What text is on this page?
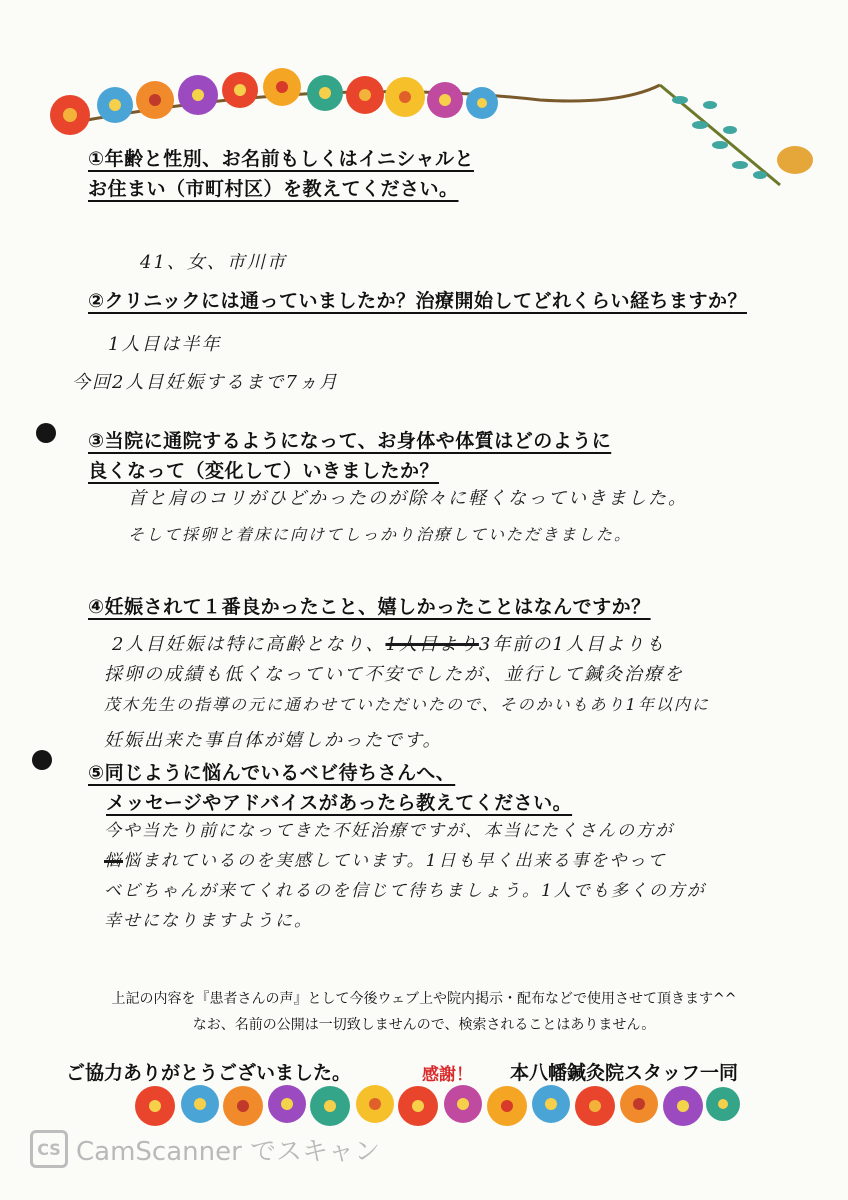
①年齢と性別、お名前もしくはイニシャルと
お住まい（市町村区）を教えてください。
41、女、市川市
②クリニックには通っていましたか？治療開始してどれくらい経ちますか？
1人目は半年
今回2人目妊娠するまで7ヵ月
③当院に通院するようになって、お身体や体質はどのように
良くなって（変化して）いきましたか？
首と肩のコリがひどかったのが除々に軽くなっていきました。
そして採卵と着床に向けてしっかり治療していただきました。
④妊娠されて１番良かったこと、嬉しかったことはなんですか？
2人目妊娠は特に高齢となり、1人目より3年前の1人目よりも
採卵の成績も低くなっていて不安でしたが、並行して鍼灸治療を
茂木先生の指導の元に通わせていただいたので、そのかいもあり1年以内に
妊娠出来た事自体が嬉しかったです。
⑤同じように悩んでいるベビ待ちさんへ、
メッセージやアドバイスがあったら教えてください。
今や当たり前になってきた不妊治療ですが、本当にたくさんの方が
悩悩まれているのを実感しています。1日も早く出来る事をやって
ベビちゃんが来てくれるのを信じて待ちましょう。1人でも多くの方が
幸せになりますように。
上記の内容を『患者さんの声』として今後ウェブ上や院内掲示・配布などで使用させて頂きます^^
なお、名前の公開は一切致しませんので、検索されることはありません。
ご協力ありがとうございました。	感謝！ 本八幡鍼灸院スタッフ一同
CS CamScanner でスキャン
